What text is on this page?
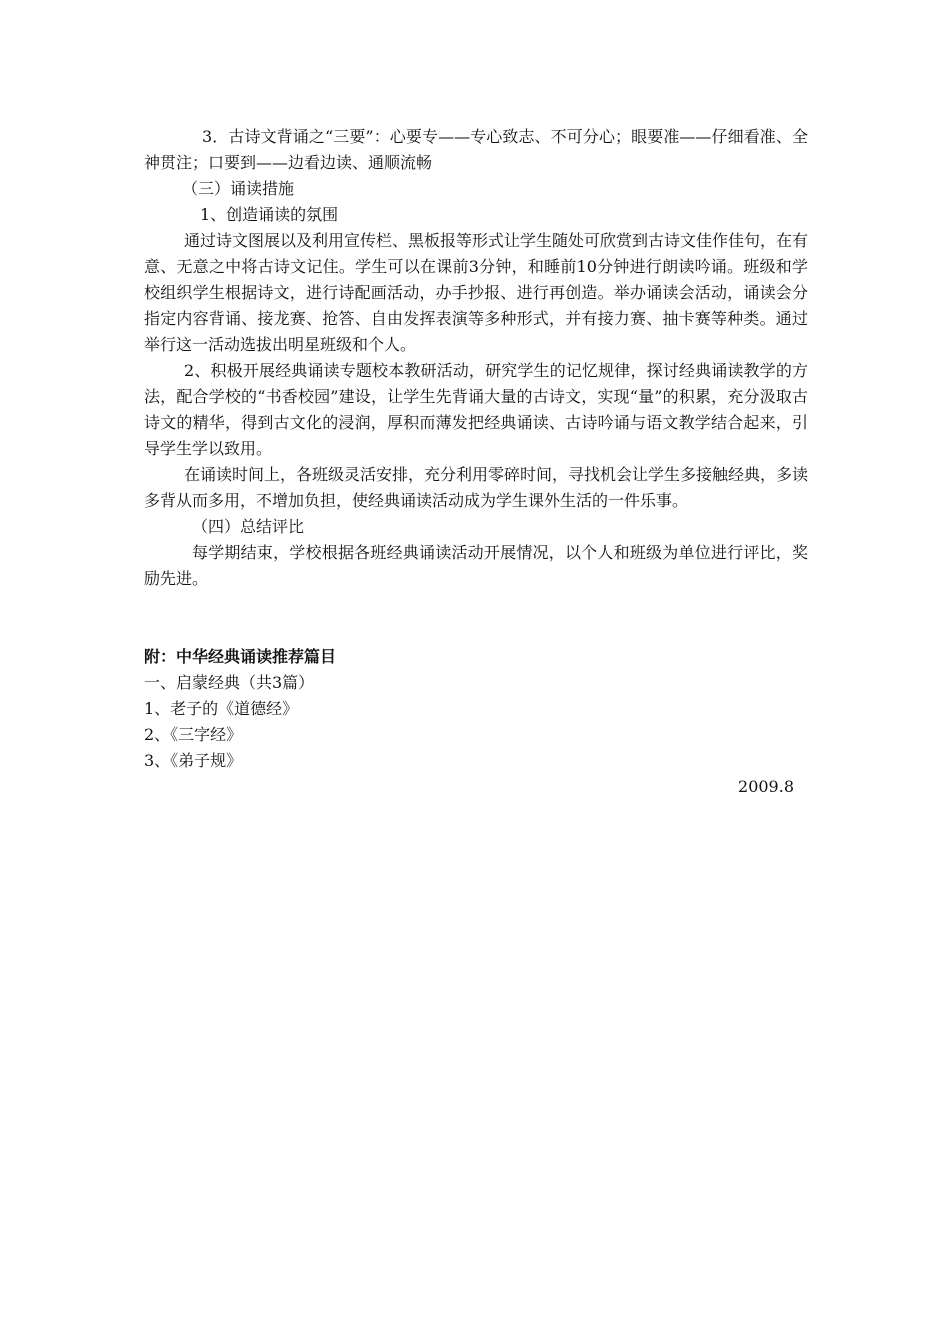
3．古诗文背诵之“三要”：心要专——专心致志、不可分心；眼要准——仔细看准、全神贯注；口要到——边看边读、通顺流畅

（三）诵读措施

1、创造诵读的氛围

通过诗文图展以及利用宣传栏、黑板报等形式让学生随处可欣赏到古诗文佳作佳句，在有意、无意之中将古诗文记住。学生可以在课前3分钟，和睡前10分钟进行朗读吟诵。班级和学校组织学生根据诗文，进行诗配画活动，办手抄报、进行再创造。举办诵读会活动，诵读会分指定内容背诵、接龙赛、抢答、自由发挥表演等多种形式，并有接力赛、抽卡赛等种类。通过举行这一活动选拔出明星班级和个人。

2、积极开展经典诵读专题校本教研活动，研究学生的记忆规律，探讨经典诵读教学的方法，配合学校的“书香校园”建设，让学生先背诵大量的古诗文，实现“量”的积累，充分汲取古诗文的精华，得到古文化的浸润，厚积而薄发把经典诵读、古诗吟诵与语文教学结合起来，引导学生学以致用。

在诵读时间上，各班级灵活安排，充分利用零碎时间，寻找机会让学生多接触经典，多读多背从而多用，不增加负担，使经典诵读活动成为学生课外生活的一件乐事。

（四）总结评比

每学期结束，学校根据各班经典诵读活动开展情况，以个人和班级为单位进行评比，奖励先进。

附：中华经典诵读推荐篇目

一、启蒙经典（共3篇）

1、老子的《道德经》

2、《三字经》

3、《弟子规》

2009.8
